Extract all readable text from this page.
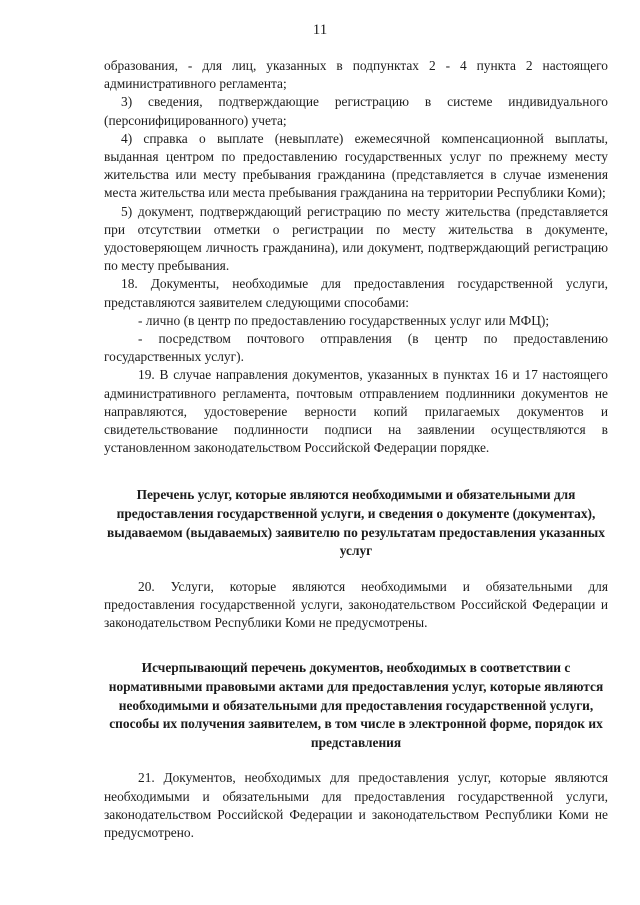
11

образования, - для лиц, указанных в подпунктах 2 - 4 пункта 2 настоящего административного регламента;

3) сведения, подтверждающие регистрацию в системе индивидуального (персонифицированного) учета;

4) справка о выплате (невыплате) ежемесячной компенсационной выплаты, выданная центром по предоставлению государственных услуг по прежнему месту жительства или месту пребывания гражданина (представляется в случае изменения места жительства или места пребывания гражданина на территории Республики Коми);

5) документ, подтверждающий регистрацию по месту жительства (представляется при отсутствии отметки о регистрации по месту жительства в документе, удостоверяющем личность гражданина), или документ, подтверждающий регистрацию по месту пребывания.

18. Документы, необходимые для предоставления государственной услуги, представляются заявителем следующими способами:

- лично (в центр по предоставлению государственных услуг или МФЦ);

- посредством почтового отправления (в центр по предоставлению государственных услуг).

19. В случае направления документов, указанных в пунктах 16 и 17 настоящего административного регламента, почтовым отправлением подлинники документов не направляются, удостоверение верности копий прилагаемых документов и свидетельствование подлинности подписи на заявлении осуществляются в установленном законодательством Российской Федерации порядке.

Перечень услуг, которые являются необходимыми и обязательными для предоставления государственной услуги, и сведения о документе (документах), выдаваемом (выдаваемых) заявителю по результатам предоставления указанных услуг

20. Услуги, которые являются необходимыми и обязательными для предоставления государственной услуги, законодательством Российской Федерации и законодательством Республики Коми не предусмотрены.

Исчерпывающий перечень документов, необходимых в соответствии с нормативными правовыми актами для предоставления услуг, которые являются необходимыми и обязательными для предоставления государственной услуги, способы их получения заявителем, в том числе в электронной форме, порядок их представления

21. Документов, необходимых для предоставления услуг, которые являются необходимыми и обязательными для предоставления государственной услуги, законодательством Российской Федерации и законодательством Республики Коми не предусмотрено.
